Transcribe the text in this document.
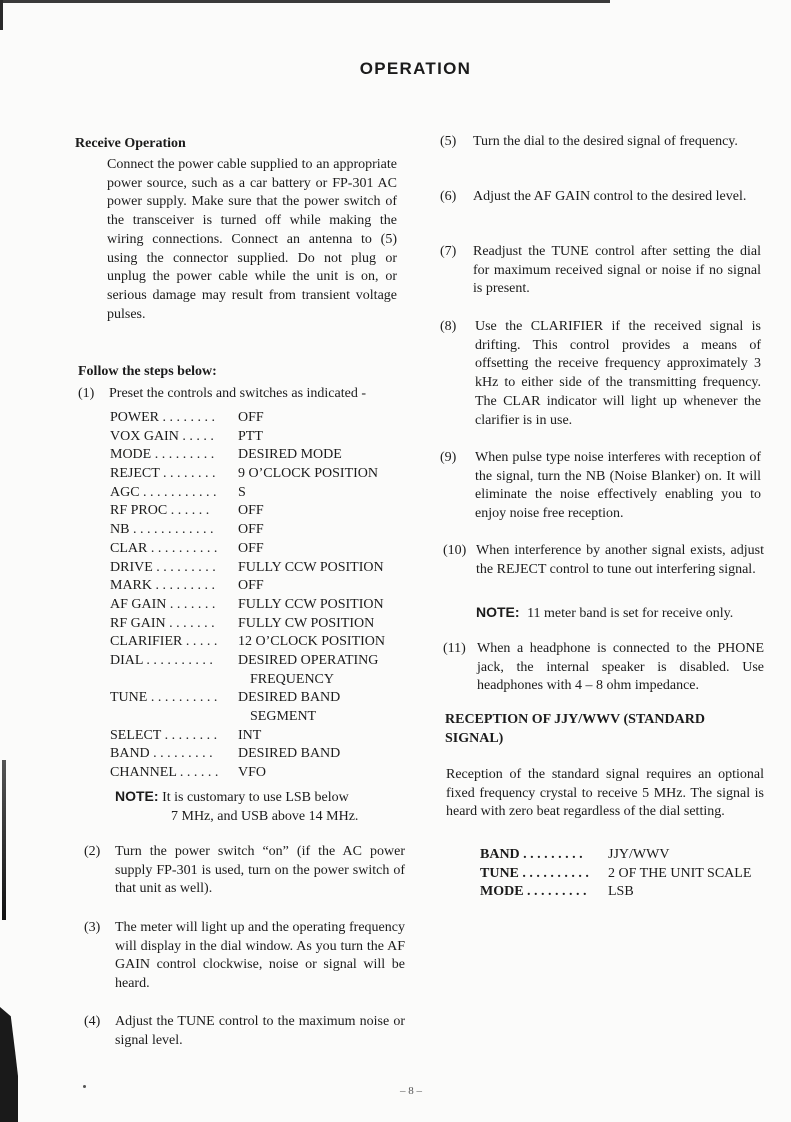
OPERATION
Receive Operation
Connect the power cable supplied to an appropriate power source, such as a car battery or FP-301 AC power supply. Make sure that the power switch of the transceiver is turned off while making the wiring connections. Connect an antenna to (5) using the connector supplied. Do not plug or unplug the power cable while the unit is on, or serious damage may result from transient voltage pulses.
Follow the steps below:
(1) Preset the controls and switches as indicated -
POWER . . . . . . . .	OFF
VOX GAIN . . . . .	PTT
MODE . . . . . . . . .	DESIRED MODE
REJECT . . . . . . . .	9 O’CLOCK POSITION
AGC . . . . . . . . . . .	S
RF PROC . . . . . .	OFF
NB . . . . . . . . . . . .	OFF
CLAR . . . . . . . . . .	OFF
DRIVE . . . . . . . . .	FULLY CCW POSITION
MARK . . . . . . . . .	OFF
AF GAIN . . . . . . .	FULLY CCW POSITION
RF GAIN . . . . . . .	FULLY CW POSITION
CLARIFIER . . . . .	12 O’CLOCK POSITION
DIAL . . . . . . . . . .	DESIRED OPERATING
FREQUENCY
TUNE . . . . . . . . . .	DESIRED BAND
SEGMENT
SELECT . . . . . . . .	INT
BAND . . . . . . . . .	DESIRED BAND
CHANNEL . . . . . .	VFO
NOTE: It is customary to use LSB below
7 MHz, and USB above 14 MHz.
(2) Turn the power switch “on” (if the AC power supply FP-301 is used, turn on the power switch of that unit as well).
(3) The meter will light up and the operating frequency will display in the dial window. As you turn the AF GAIN control clockwise, noise or signal will be heard.
(4) Adjust the TUNE control to the maximum noise or signal level.
(5) Turn the dial to the desired signal of frequency.
(6) Adjust the AF GAIN control to the desired level.
(7) Readjust the TUNE control after setting the dial for maximum received signal or noise if no signal is present.
(8) Use the CLARIFIER if the received signal is drifting. This control provides a means of offsetting the receive frequency approximately 3 kHz to either side of the transmitting frequency. The CLAR indicator will light up whenever the clarifier is in use.
(9) When pulse type noise interferes with reception of the signal, turn the NB (Noise Blanker) on. It will eliminate the noise effectively enabling you to enjoy noise free reception.
(10) When interference by another signal exists, adjust the REJECT control to tune out interfering signal.
NOTE: 11 meter band is set for receive only.
(11) When a headphone is connected to the PHONE jack, the internal speaker is disabled. Use headphones with 4 – 8 ohm impedance.
RECEPTION OF JJY/WWV (STANDARD
SIGNAL)
Reception of the standard signal requires an optional fixed frequency crystal to receive 5 MHz. The signal is heard with zero beat regardless of the dial setting.
BAND . . . . . . . . .	JJY/WWV
TUNE . . . . . . . . . .	2 OF THE UNIT SCALE
MODE . . . . . . . . .	LSB
– 8 –
